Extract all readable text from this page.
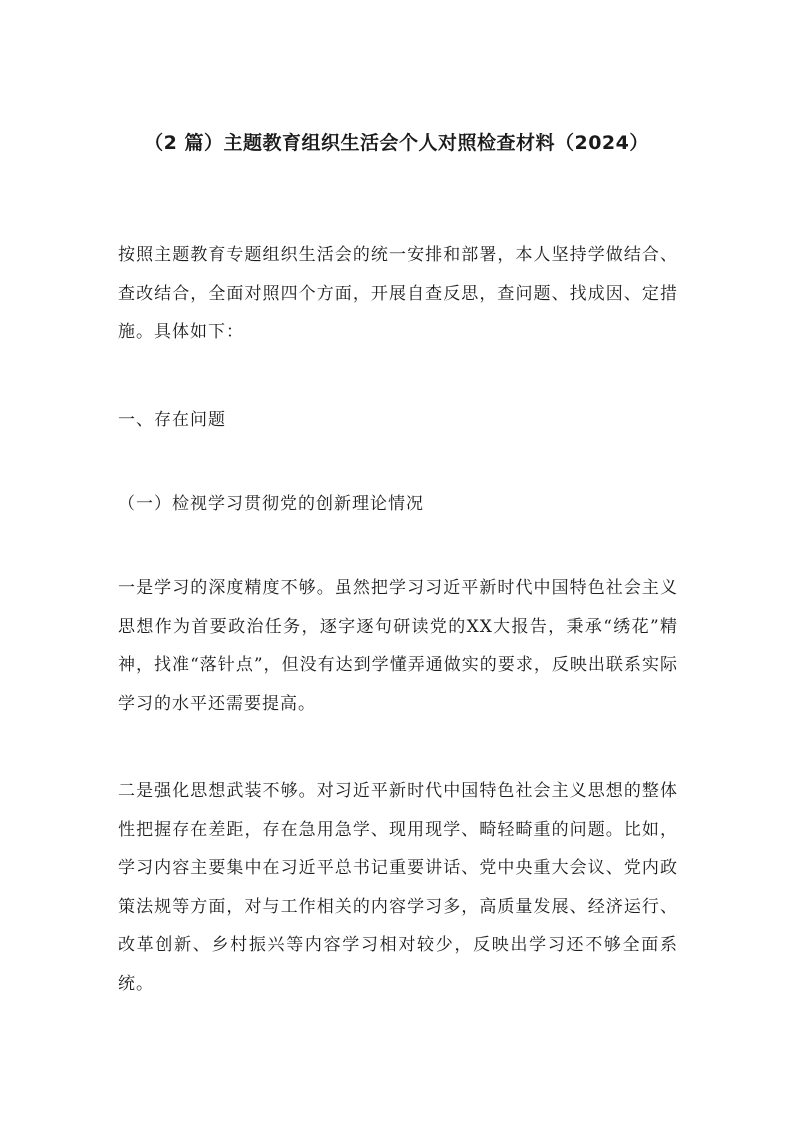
（2 篇）主题教育组织生活会个人对照检查材料（2024）

按照主题教育专题组织生活会的统一安排和部署，本人坚持学做结合、查改结合，全面对照四个方面，开展自查反思，查问题、找成因、定措施。具体如下：

一、存在问题

（一）检视学习贯彻党的创新理论情况

一是学习的深度精度不够。虽然把学习习近平新时代中国特色社会主义思想作为首要政治任务，逐字逐句研读党的XX大报告，秉承“绣花”精神，找准“落针点”，但没有达到学懂弄通做实的要求，反映出联系实际学习的水平还需要提高。

二是强化思想武装不够。对习近平新时代中国特色社会主义思想的整体性把握存在差距，存在急用急学、现用现学、畸轻畸重的问题。比如，学习内容主要集中在习近平总书记重要讲话、党中央重大会议、党内政策法规等方面，对与工作相关的内容学习多，高质量发展、经济运行、改革创新、乡村振兴等内容学习相对较少，反映出学习还不够全面系统。
